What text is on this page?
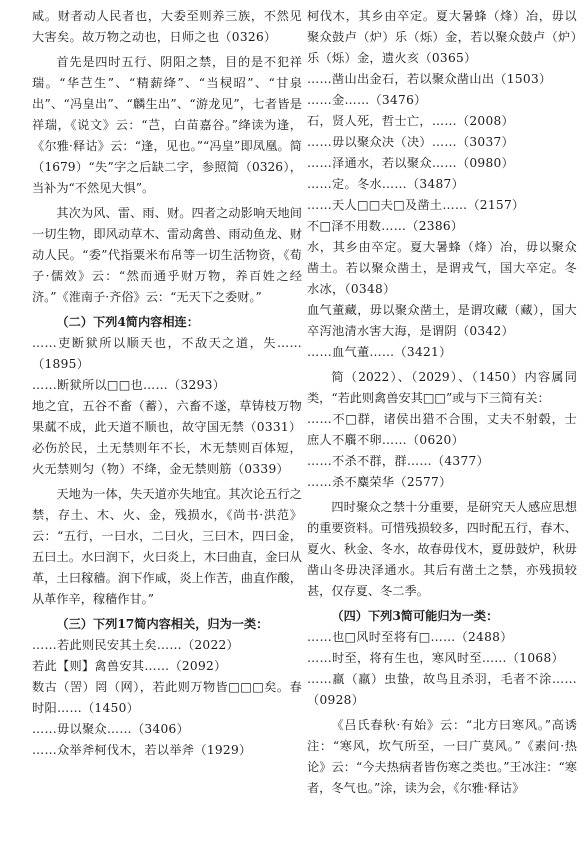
咸。财者动人民者也，大委至则养三族，不然见大害矣。故万物之动也，日师之也（0326）

首先是四时五行、阴阳之禁，目的是不犯祥瑞。“华芑生”、“精薪绛”、“当棂昭”、“甘泉出”、“冯皇出”、“麟生出”、“游龙见”，七者皆是祥瑞，《说文》云：“芑，白苗嘉谷。”绛读为逢，《尔雅·释诂》云：“逢，见也。”“冯皇”即凤凰。简（1679）“失”字之后缺二字，参照简（0326），当补为“不然见大惧”。

其次为风、雷、雨、财。四者之动影响天地间一切生物，即风动草木、雷动禽兽、雨动鱼龙、财动人民。“委”代指粟米布帛等一切生活物资，《荀子·儒效》云：“然而通乎财万物，养百姓之经济。”《淮南子·齐俗》云：“无天下之委财。”

（二）下列4简内容相连：

……吏断狱所以顺天也，不敌天之道，失……（1895）

……断狱所以□□也……（3293）

地之宜，五谷不畜（蓄），六畜不遂，草铸枝万物果蓏不成，此天道不顺也，故守国无禁（0331）

必伤於民，土无禁则年不长，木无禁则百体短，火无禁则匀（物）不绛，金无禁则筋（0339）

天地为一体，失天道亦失地宜。其次论五行之禁，存土、木、火、金，残损水，《尚书·洪范》云：“五行，一曰水，二曰火，三曰木，四曰金，五曰土。水曰润下，火曰炎上，木曰曲直，金曰从革，土曰稼穑。润下作咸，炎上作苦，曲直作酸，从革作辛，稼穑作甘。”

（三）下列17简内容相关，归为一类：

……若此则民安其土矣……（2022）

若此【则】禽兽安其……（2092）

数古（罟）罔（网），若此则万物皆□□□矣。春时阳……（1450）

……毋以聚众……（3406）

……众举斧柯伐木，若以举斧（1929）

柯伐木，其乡由卒定。夏大暑蜂（烽）冶，毋以聚众鼓卢（炉）乐（烁）金，若以聚众鼓卢（炉）乐（烁）金，遗火亥（0365）

……凿山出金石，若以聚众凿山出（1503）

……金……（3476）

石，贤人死，哲士亡，……（2008）

……毋以聚众决（决）……（3037）

……泽通水，若以聚众……（0980）

……定。冬水……（3487）

……天人□□夫□及凿土……（2157）

不□泽不用数……（2386）

水，其乡由卒定。夏大暑蜂（烽）冶，毋以聚众凿土。若以聚众凿土，是谓戎气，国大卒定。冬水冰，（0348）

血气董藏，毋以聚众凿土，是谓攻藏（藏），国大卒泻池清水害大海，是谓阴（0342）

……血气董……（3421）

简（2022）、（2029）、（1450）内容属同类，“若此则禽兽安其□□”或与下三简有关：

……不□群，诸侯出猎不合围，丈夫不射毂，士庶人不麛不卵……（0620）

……不杀不群，群……（4377）

……杀不麋荣华（2577）

四时聚众之禁十分重要，是研究天人感应思想的重要资料。可惜残损较多，四时配五行，春木、夏火、秋金、冬水，故春毋伐木，夏毋鼓炉，秋毋凿山冬毋决泽通水。其后有凿土之禁，亦残损较甚，仅存夏、冬二季。

（四）下列3简可能归为一类：

……也□风时至将有□……（2488）

……时至，将有生也，寒风时至……（1068）

……羸（羸）虫蛰，故鸟且杀羽，毛者不涂……（0928）

《吕氏春秋·有始》云：“北方曰寒风。”高诱注：“寒风，坎气所至，一曰广莫风。”《素问·热论》云：“今夫热病者皆伤寒之类也。”王冰注：“寒者，冬气也。”涂，读为会，《尔雅·释诂》
